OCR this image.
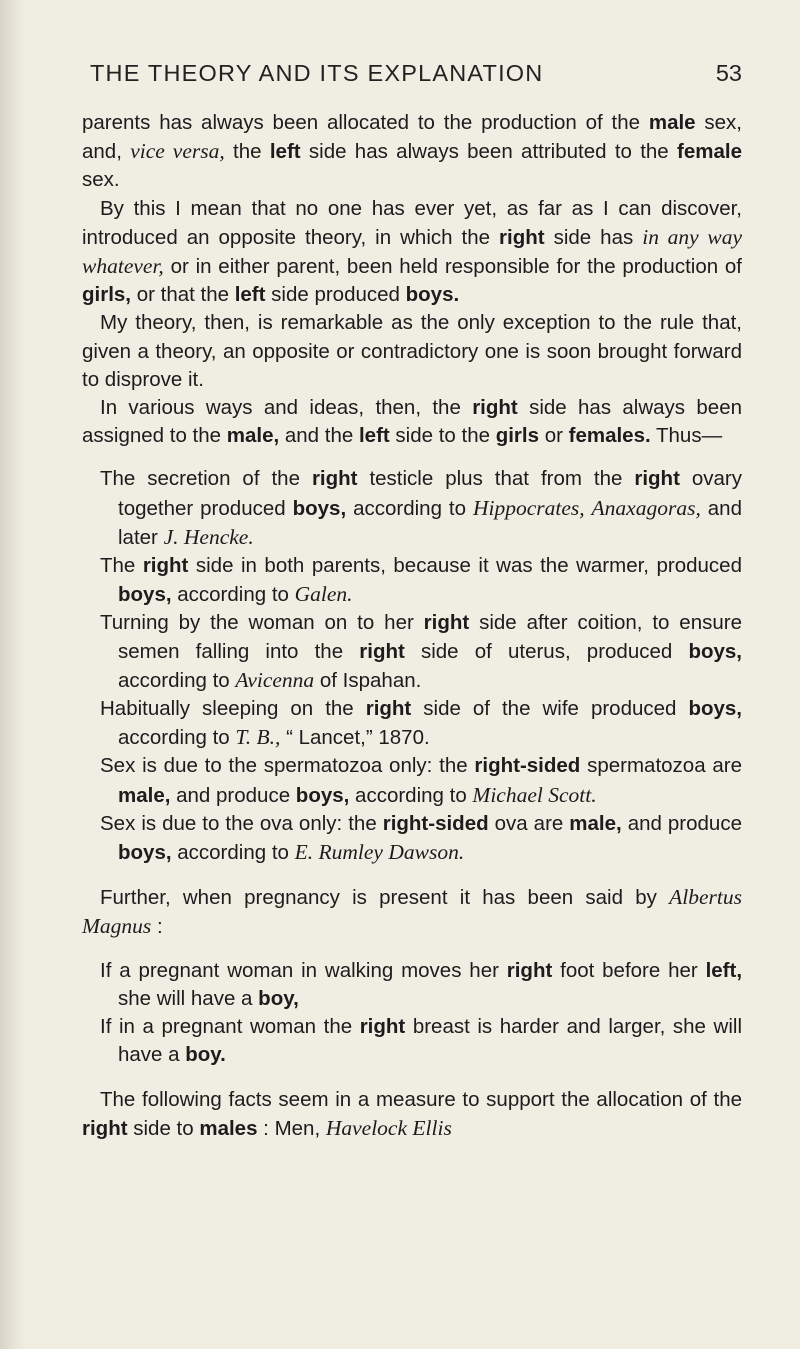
THE THEORY AND ITS EXPLANATION	53

parents has always been allocated to the production of the male sex, and, vice versa, the left side has always been attributed to the female sex.

By this I mean that no one has ever yet, as far as I can discover, introduced an opposite theory, in which the right side has in any way whatever, or in either parent, been held responsible for the production of girls, or that the left side produced boys.

My theory, then, is remarkable as the only exception to the rule that, given a theory, an opposite or contradictory one is soon brought forward to disprove it.

In various ways and ideas, then, the right side has always been assigned to the male, and the left side to the girls or females. Thus—

The secretion of the right testicle plus that from the right ovary together produced boys, according to Hippocrates, Anaxagoras, and later J. Hencke.

The right side in both parents, because it was the warmer, produced boys, according to Galen.

Turning by the woman on to her right side after coition, to ensure semen falling into the right side of uterus, produced boys, according to Avicenna of Ispahan.

Habitually sleeping on the right side of the wife produced boys, according to T. B., “ Lancet,” 1870.

Sex is due to the spermatozoa only: the right-sided spermatozoa are male, and produce boys, according to Michael Scott.

Sex is due to the ova only: the right-sided ova are male, and produce boys, according to E. Rumley Dawson.

Further, when pregnancy is present it has been said by Albertus Magnus :

If a pregnant woman in walking moves her right foot before her left, she will have a boy,

If in a pregnant woman the right breast is harder and larger, she will have a boy.

The following facts seem in a measure to support the allocation of the right side to males : Men, Havelock Ellis
